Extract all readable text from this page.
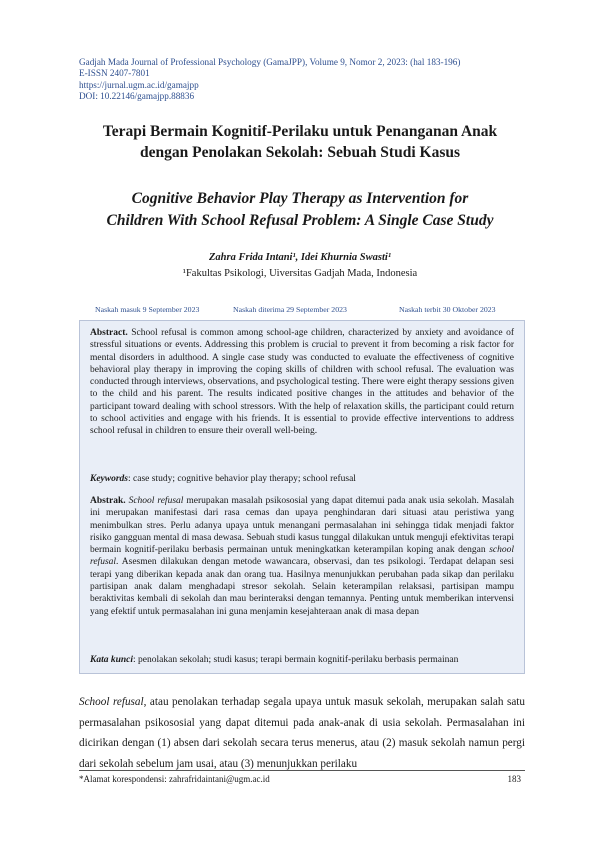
Gadjah Mada Journal of Professional Psychology (GamaJPP), Volume 9, Nomor 2, 2023: (hal 183-196)
E-ISSN 2407-7801
https://jurnal.ugm.ac.id/gamajpp
DOI: 10.22146/gamajpp.88836
Terapi Bermain Kognitif-Perilaku untuk Penanganan Anak
dengan Penolakan Sekolah: Sebuah Studi Kasus
Cognitive Behavior Play Therapy as Intervention for
Children With School Refusal Problem: A Single Case Study
Zahra Frida Intani¹, Idei Khurnia Swasti¹
¹Fakultas Psikologi, Uiversitas Gadjah Mada, Indonesia
Naskah masuk 9 September 2023	Naskah diterima 29 September 2023	Naskah terbit 30 Oktober 2023
Abstract. School refusal is common among school-age children, characterized by anxiety and avoidance of stressful situations or events. Addressing this problem is crucial to prevent it from becoming a risk factor for mental disorders in adulthood. A single case study was conducted to evaluate the effectiveness of cognitive behavioral play therapy in improving the coping skills of children with school refusal. The evaluation was conducted through interviews, observations, and psychological testing. There were eight therapy sessions given to the child and his parent. The results indicated positive changes in the attitudes and behavior of the participant toward dealing with school stressors. With the help of relaxation skills, the participant could return to school activities and engage with his friends. It is essential to provide effective interventions to address school refusal in children to ensure their overall well-being.
Keywords: case study; cognitive behavior play therapy; school refusal
Abstrak. School refusal merupakan masalah psikososial yang dapat ditemui pada anak usia sekolah. Masalah ini merupakan manifestasi dari rasa cemas dan upaya penghindaran dari situasi atau peristiwa yang menimbulkan stres. Perlu adanya upaya untuk menangani permasalahan ini sehingga tidak menjadi faktor risiko gangguan mental di masa dewasa. Sebuah studi kasus tunggal dilakukan untuk menguji efektivitas terapi bermain kognitif-perilaku berbasis permainan untuk meningkatkan keterampilan koping anak dengan school refusal. Asesmen dilakukan dengan metode wawancara, observasi, dan tes psikologi. Terdapat delapan sesi terapi yang diberikan kepada anak dan orang tua. Hasilnya menunjukkan perubahan pada sikap dan perilaku partisipan anak dalam menghadapi stresor sekolah. Selain keterampilan relaksasi, partisipan mampu beraktivitas kembali di sekolah dan mau berinteraksi dengan temannya. Penting untuk memberikan intervensi yang efektif untuk permasalahan ini guna menjamin kesejahteraan anak di masa depan
Kata kunci: penolakan sekolah; studi kasus; terapi bermain kognitif-perilaku berbasis permainan
School refusal, atau penolakan terhadap segala upaya untuk masuk sekolah, merupakan salah satu permasalahan psikososial yang dapat ditemui pada anak-anak di usia sekolah. Permasalahan ini dicirikan dengan (1) absen dari sekolah secara terus menerus, atau (2) masuk sekolah namun pergi dari sekolah sebelum jam usai, atau (3) menunjukkan perilaku
*Alamat korespondensi: zahrafridaintani@ugm.ac.id	183
